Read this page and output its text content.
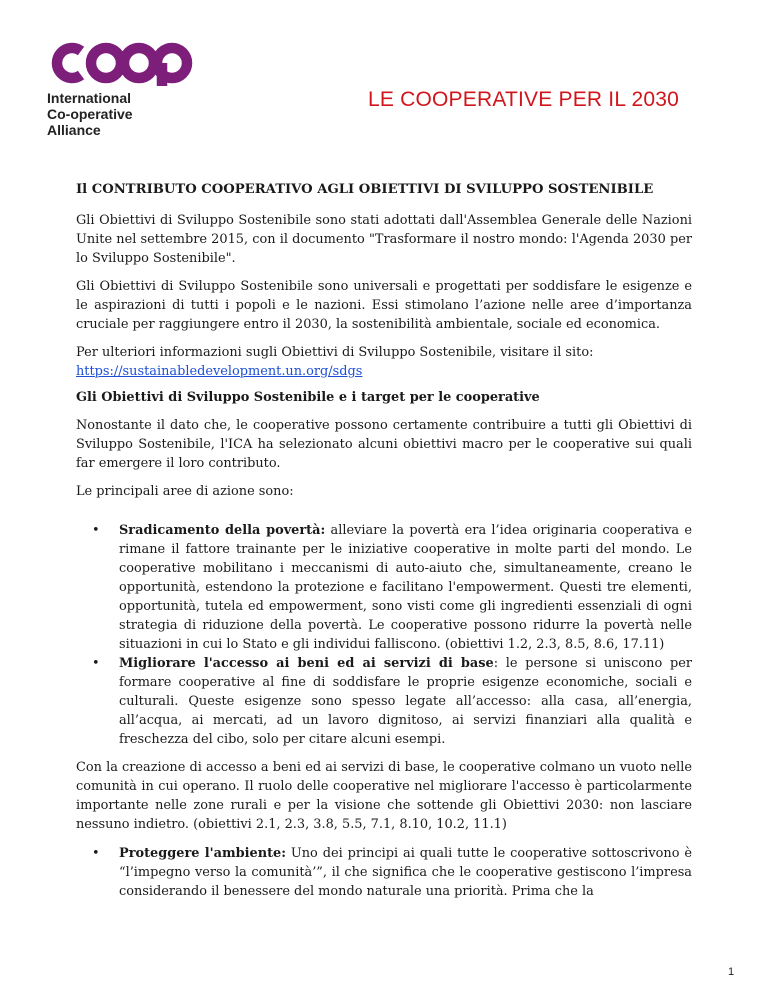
International
Co-operative
Alliance
LE COOPERATIVE PER IL 2030
Il CONTRIBUTO COOPERATIVO AGLI OBIETTIVI DI SVILUPPO SOSTENIBILE

Gli Obiettivi di Sviluppo Sostenibile sono stati adottati dall'Assemblea Generale delle Nazioni Unite nel settembre 2015, con il documento "Trasformare il nostro mondo: l'Agenda 2030 per lo Sviluppo Sostenibile".

Gli Obiettivi di Sviluppo Sostenibile sono universali e progettati per soddisfare le esigenze e le aspirazioni di tutti i popoli e le nazioni. Essi stimolano l’azione nelle aree d’importanza cruciale per raggiungere entro il 2030, la sostenibilità ambientale, sociale ed economica.

Per ulteriori informazioni sugli Obiettivi di Sviluppo Sostenibile, visitare il sito:
https://sustainabledevelopment.un.org/sdgs

Gli Obiettivi di Sviluppo Sostenibile e i target per le cooperative

Nonostante il dato che, le cooperative possono certamente contribuire a tutti gli Obiettivi di Sviluppo Sostenibile, l'ICA ha selezionato alcuni obiettivi macro per le cooperative sui quali far emergere il loro contributo.

Le principali aree di azione sono:

• Sradicamento della povertà: alleviare la povertà era l’idea originaria cooperativa e rimane il fattore trainante per le iniziative cooperative in molte parti del mondo. Le cooperative mobilitano i meccanismi di auto-aiuto che, simultaneamente, creano le opportunità, estendono la protezione e facilitano l'empowerment. Questi tre elementi, opportunità, tutela ed empowerment, sono visti come gli ingredienti essenziali di ogni strategia di riduzione della povertà. Le cooperative possono ridurre la povertà nelle situazioni in cui lo Stato e gli individui falliscono. (obiettivi 1.2, 2.3, 8.5, 8.6, 17.11)
• Migliorare l'accesso ai beni ed ai servizi di base: le persone si uniscono per formare cooperative al fine di soddisfare le proprie esigenze economiche, sociali e culturali. Queste esigenze sono spesso legate all’accesso: alla casa, all’energia, all’acqua, ai mercati, ad un lavoro dignitoso, ai servizi finanziari alla qualità e freschezza del cibo, solo per citare alcuni esempi.

Con la creazione di accesso a beni ed ai servizi di base, le cooperative colmano un vuoto nelle comunità in cui operano. Il ruolo delle cooperative nel migliorare l'accesso è particolarmente importante nelle zone rurali e per la visione che sottende gli Obiettivi 2030: non lasciare nessuno indietro. (obiettivi 2.1, 2.3, 3.8, 5.5, 7.1, 8.10, 10.2, 11.1)

• Proteggere l'ambiente: Uno dei principi ai quali tutte le cooperative sottoscrivono è “l’impegno verso la comunità’”, il che significa che le cooperative gestiscono l’impresa considerando il benessere del mondo naturale una priorità. Prima che la
1
